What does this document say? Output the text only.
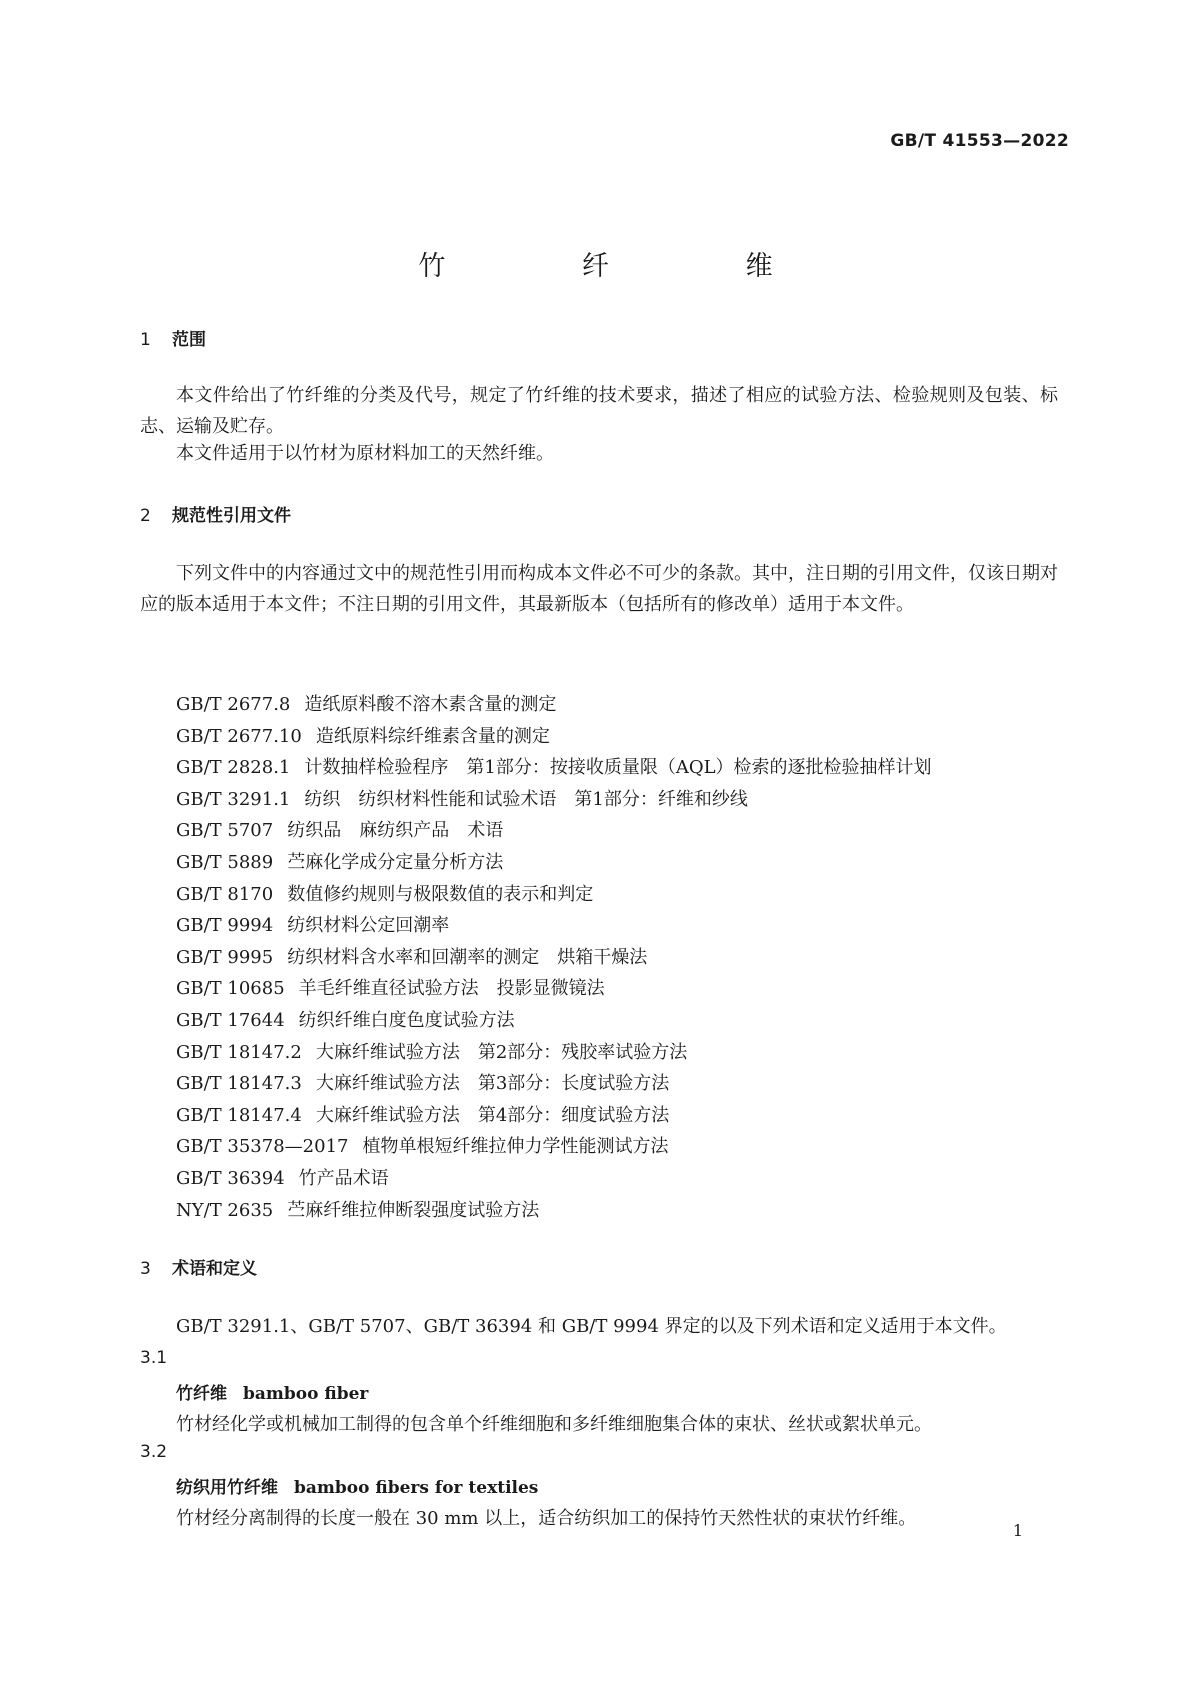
GB/T 41553—2022
竹 纤 维
1 范围

本文件给出了竹纤维的分类及代号，规定了竹纤维的技术要求，描述了相应的试验方法、检验规则及包装、标志、运输及贮存。

本文件适用于以竹材为原材料加工的天然纤维。

2 规范性引用文件

下列文件中的内容通过文中的规范性引用而构成本文件必不可少的条款。其中，注日期的引用文件，仅该日期对应的版本适用于本文件；不注日期的引用文件，其最新版本（包括所有的修改单）适用于本文件。

GB/T 2677.8 造纸原料酸不溶木素含量的测定
GB/T 2677.10 造纸原料综纤维素含量的测定
GB/T 2828.1 计数抽样检验程序　第1部分：按接收质量限（AQL）检索的逐批检验抽样计划
GB/T 3291.1 纺织　纺织材料性能和试验术语　第1部分：纤维和纱线
GB/T 5707 纺织品　麻纺织产品　术语
GB/T 5889 苎麻化学成分定量分析方法
GB/T 8170 数值修约规则与极限数值的表示和判定
GB/T 9994 纺织材料公定回潮率
GB/T 9995 纺织材料含水率和回潮率的测定　烘箱干燥法
GB/T 10685 羊毛纤维直径试验方法　投影显微镜法
GB/T 17644 纺织纤维白度色度试验方法
GB/T 18147.2 大麻纤维试验方法　第2部分：残胶率试验方法
GB/T 18147.3 大麻纤维试验方法　第3部分：长度试验方法
GB/T 18147.4 大麻纤维试验方法　第4部分：细度试验方法
GB/T 35378—2017 植物单根短纤维拉伸力学性能测试方法
GB/T 36394 竹产品术语
NY/T 2635 苎麻纤维拉伸断裂强度试验方法
3 术语和定义

GB/T 3291.1、GB/T 5707、GB/T 36394 和 GB/T 9994 界定的以及下列术语和定义适用于本文件。

3.1
竹纤维 bamboo fiber
竹材经化学或机械加工制得的包含单个纤维细胞和多纤维细胞集合体的束状、丝状或絮状单元。
3.2
纺织用竹纤维 bamboo fibers for textiles
竹材经分离制得的长度一般在 30 mm 以上，适合纺织加工的保持竹天然性状的束状竹纤维。
1
